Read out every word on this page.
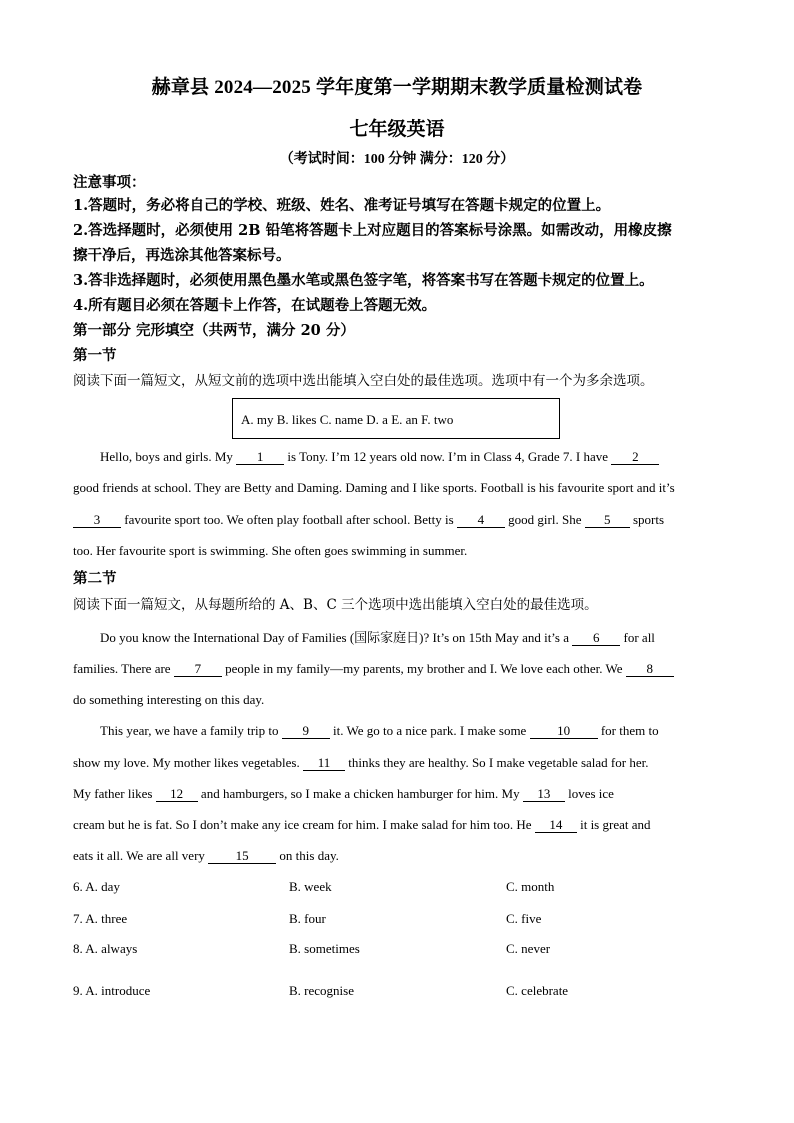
赫章县 2024—2025 学年度第一学期期末教学质量检测试卷
七年级英语
（考试时间：100 分钟 满分：120 分）
注意事项：
1.答题时，务必将自己的学校、班级、姓名、准考证号填写在答题卡规定的位置上。
2.答选择题时，必须使用 2B 铅笔将答题卡上对应题目的答案标号涂黑。如需改动，用橡皮擦
擦干净后，再选涂其他答案标号。
3.答非选择题时，必须使用黑色墨水笔或黑色签字笔，将答案书写在答题卡规定的位置上。
4.所有题目必须在答题卡上作答，在试题卷上答题无效。
第一部分 完形填空（共两节，满分 20 分）
第一节
阅读下面一篇短文，从短文前的选项中选出能填入空白处的最佳选项。选项中有一个为多余选项。
A. my B. likes C. name D. a E. an F. two
Hello, boys and girls. My 1 is Tony. I’m 12 years old now. I’m in Class 4, Grade 7. I have 2
good friends at school. They are Betty and Daming. Daming and I like sports. Football is his favourite sport and it’s
3 favourite sport too. We often play football after school. Betty is 4 good girl. She 5 sports
too. Her favourite sport is swimming. She often goes swimming in summer.
第二节
阅读下面一篇短文，从每题所给的 A、B、C 三个选项中选出能填入空白处的最佳选项。
Do you know the International Day of Families (国际家庭日)? It’s on 15th May and it’s a 6 for all
families. There are 7 people in my family—my parents, my brother and I. We love each other. We 8
do something interesting on this day.
This year, we have a family trip to 9 it. We go to a nice park. I make some 10 for them to
show my love. My mother likes vegetables. 11 thinks they are healthy. So I make vegetable salad for her.
My father likes 12 and hamburgers, so I make a chicken hamburger for him. My 13 loves ice
cream but he is fat. So I don’t make any ice cream for him. I make salad for him too. He 14 it is great and
eats it all. We are all very 15 on this day.
6. A. day	B. week	C. month
7. A. three	B. four	C. five
8. A. always	B. sometimes	C. never
9. A. introduce	B. recognise	C. celebrate
